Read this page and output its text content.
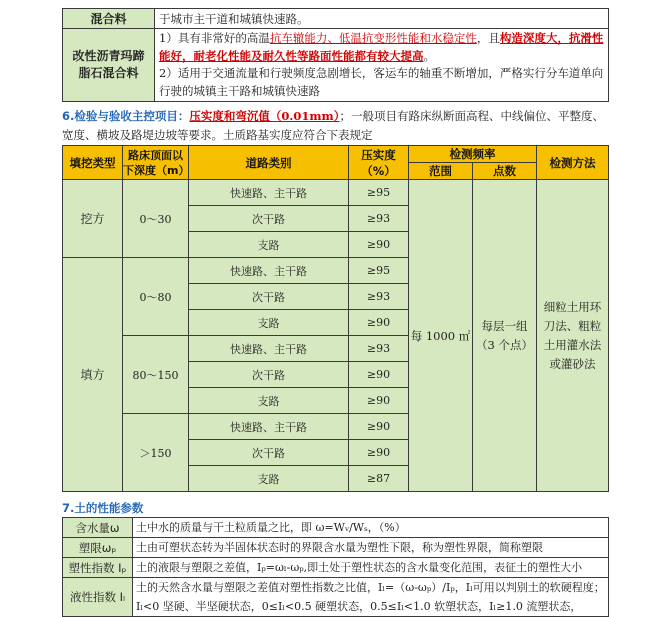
混合料	于城市主干道和城镇快速路。
改性沥青玛蹄脂石混合料	1）具有非常好的高温抗车辙能力、低温抗变形性能和水稳定性，且构造深度大，抗滑性能好，耐老化性能及耐久性等路面性能都有较大提高。
2）适用于交通流量和行驶频度急剧增长，客运车的轴重不断增加，严格实行分车道单向行驶的城镇主干路和城镇快速路
6.检验与验收主控项目：压实度和弯沉值（0.01mm）；一般项目有路床纵断面高程、中线偏位、平整度、宽度、横坡及路堤边坡等要求。土质路基实度应符合下表规定
填挖类型	路床顶面以下深度（m）	道路类别	压实度（%）	检测频率		检测方法
				范围	点数	
挖方	0～30	快速路、主干路	≥95	每 1000 ㎡	每层一组（3 个点）	细粒土用环刀法、粗粒土用灌水法或灌砂法
		次干路	≥93			
		支路	≥90			
填方	0～80	快速路、主干路	≥95			
		次干路	≥93			
		支路	≥90			
	80～150	快速路、主干路	≥93			
		次干路	≥90			
		支路	≥90			
	＞150	快速路、主干路	≥90			
		次干路	≥90			
		支路	≥87			
7.土的性能参数
含水量ω	土中水的质量与干土粒质量之比，即 ω=Wᵥ/Wₛ，（%）
塑限ωₚ	土由可塑状态转为半固体状态时的界限含水量为塑性下限，称为塑性界限，简称塑限
塑性指数 Iₚ	土的液限与塑限之差值，Iₚ=ωₗ-ωₚ,即土处于塑性状态的含水量变化范围，表征土的塑性大小
液性指数 Iₗ	土的天然含水量与塑限之差值对塑性指数之比值，Iₗ=（ω-ωₚ）/Iₚ，Iₗ可用以判别土的软硬程度；Iₗ<0 坚硬、半坚硬状态，0≤Iₗ<0.5 硬塑状态，0.5≤Iₗ<1.0 软塑状态，Iₗ≥1.0 流塑状态，
